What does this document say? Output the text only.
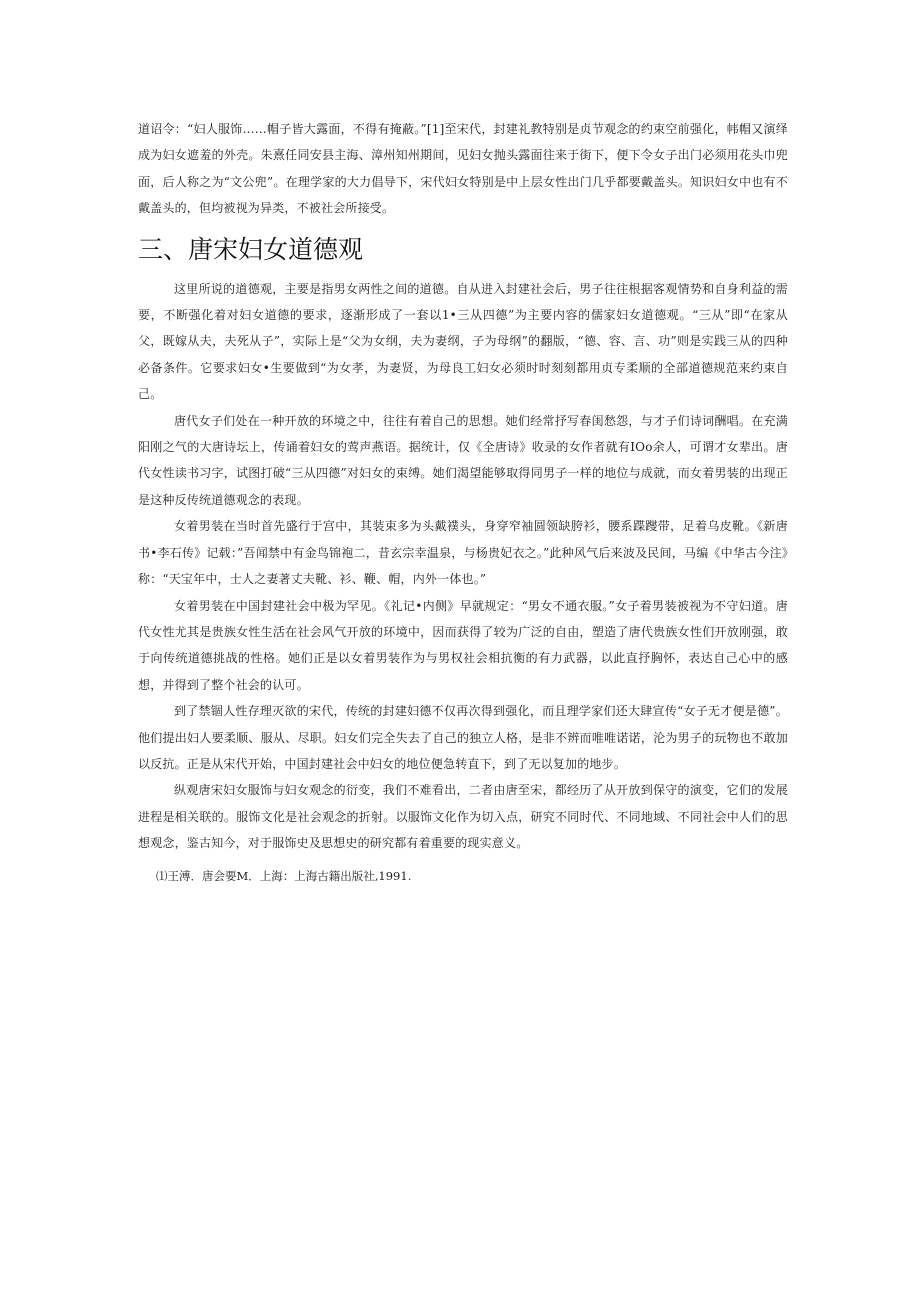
道诏令：“妇人服饰……帽子皆大露面，不得有掩蔽。”[1]至宋代，封建礼教特别是贞节观念的约束空前强化，帏帽又演绎成为妇女遮羞的外壳。朱熹任同安县主海、漳州知州期间，见妇女抛头露面往来于街下，便下令女子出门必须用花头巾兜面，后人称之为“文公兜”。在理学家的大力倡导下，宋代妇女特别是中上层女性出门几乎都要戴盖头。知识妇女中也有不戴盖头的，但均被视为异类，不被社会所接受。

三、唐宋妇女道德观

这里所说的道德观，主要是指男女两性之间的道德。自从进入封建社会后，男子往往根据客观情势和自身利益的需要，不断强化着对妇女道德的要求，逐渐形成了一套以1•三从四德”为主要内容的儒家妇女道德观。“三从”即“在家从父，既嫁从夫，夫死从子”，实际上是“父为女纲，夫为妻纲，子为母纲”的翻版，“德、容、言、功”则是实践三从的四种必备条件。它要求妇女•生要做到“为女孝，为妻贤，为母良工妇女必须时时刻刻都用贞专柔顺的全部道德规范来约束自己。

唐代女子们处在一种开放的环境之中，往往有着自己的思想。她们经常抒写春闺愁怨，与才子们诗词酬唱。在充满阳刚之气的大唐诗坛上，传诵着妇女的莺声燕语。据统计，仅《全唐诗》收录的女作者就有IOo余人，可谓才女辈出。唐代女性读书习字，试图打破“三从四德”对妇女的束缚。她们渴望能够取得同男子一样的地位与成就，而女着男装的出现正是这种反传统道德观念的表现。

女着男装在当时首先盛行于宫中，其装束多为头戴襆头，身穿窄袖圆领缺胯衫，腰系蹀躞带，足着乌皮靴。《新唐书•李石传》记载：”吾闻禁中有金鸟锦袍二，昔玄宗幸温泉，与杨贵妃衣之。”此种风气后来波及民间，马编《中华古今注》称：“天宝年中，士人之妻著丈夫靴、衫、鞭、帽，内外一体也。”

女着男装在中国封建社会中极为罕见。《礼记•内侧》早就规定：“男女不通衣服。”女子着男装被视为不守妇道。唐代女性尤其是贵族女性生活在社会风气开放的环境中，因而获得了较为广泛的自由，塑造了唐代贵族女性们开放刚强，敢于向传统道德挑战的性格。她们正是以女着男装作为与男权社会相抗衡的有力武器，以此直抒胸怀，表达自己心中的感想，并得到了整个社会的认可。

到了禁锢人性存理灭欲的宋代，传统的封建妇德不仅再次得到强化，而且理学家们还大肆宣传“女子无才便是德”。他们提出妇人要柔顺、服从、尽职。妇女们完全失去了自己的独立人格，是非不辨而唯唯诺诺，沦为男子的玩物也不敢加以反抗。正是从宋代开始，中国封建社会中妇女的地位便急转直下，到了无以复加的地步。

纵观唐宋妇女服饰与妇女观念的衍变，我们不难看出，二者由唐至宋，都经历了从开放到保守的演变，它们的发展进程是相关联的。服饰文化是社会观念的折射。以服饰文化作为切入点，研究不同时代、不同地域、不同社会中人们的思想观念，鉴古知今，对于服饰史及思想史的研究都有着重要的现实意义。

⑴王溥．唐会要M．上海：上海古籍出版社,1991.
